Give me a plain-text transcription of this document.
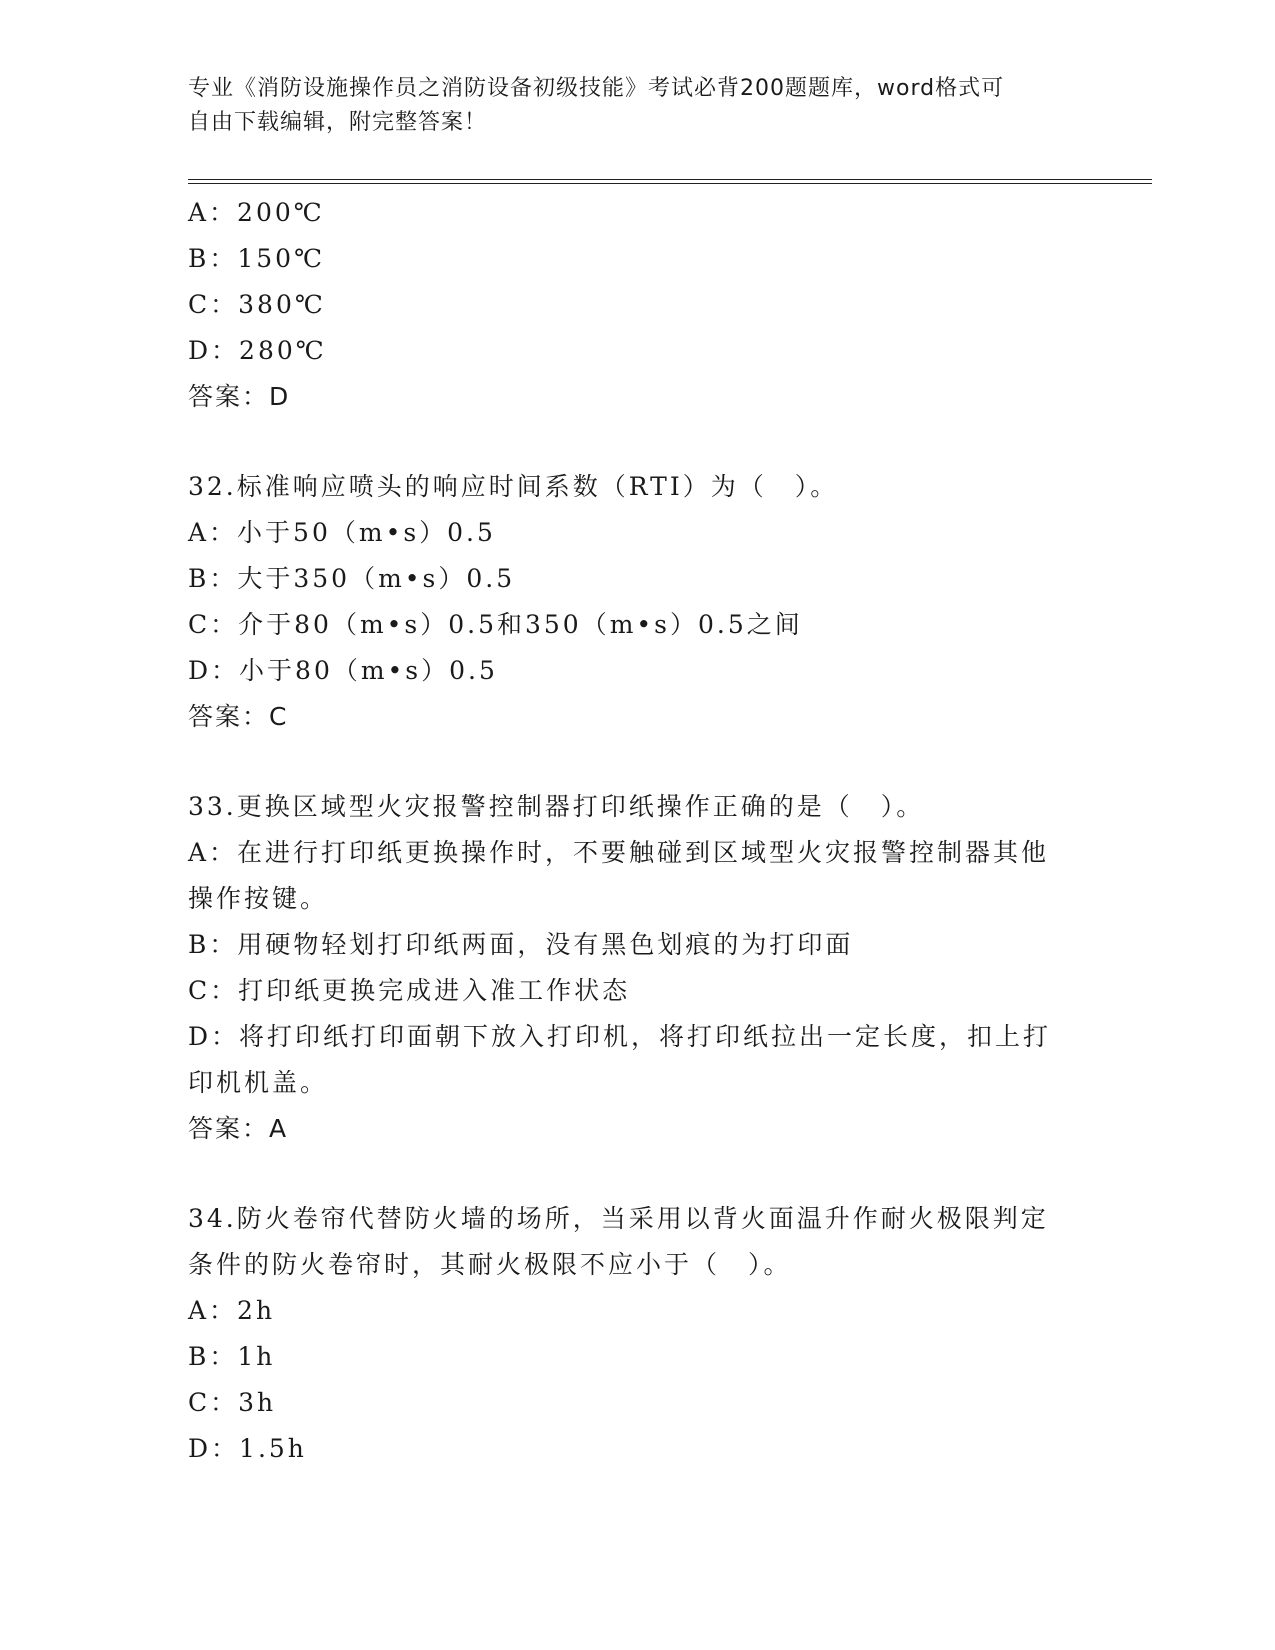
专业《消防设施操作员之消防设备初级技能》考试必背200题题库，word格式可
自由下载编辑，附完整答案！

A：200℃

B：150℃

C：380℃

D：280℃

答案：D

32.标准响应喷头的响应时间系数（RTI）为（　）。

A：小于50（m•s）0.5

B：大于350（m•s）0.5

C：介于80（m•s）0.5和350（m•s）0.5之间

D：小于80（m•s）0.5

答案：C

33.更换区域型火灾报警控制器打印纸操作正确的是（　）。

A：在进行打印纸更换操作时，不要触碰到区域型火灾报警控制器其他

操作按键。

B：用硬物轻划打印纸两面，没有黑色划痕的为打印面

C：打印纸更换完成进入准工作状态

D：将打印纸打印面朝下放入打印机，将打印纸拉出一定长度，扣上打

印机机盖。

答案：A

34.防火卷帘代替防火墙的场所，当采用以背火面温升作耐火极限判定

条件的防火卷帘时，其耐火极限不应小于（　）。

A：2h

B：1h

C：3h

D：1.5h
